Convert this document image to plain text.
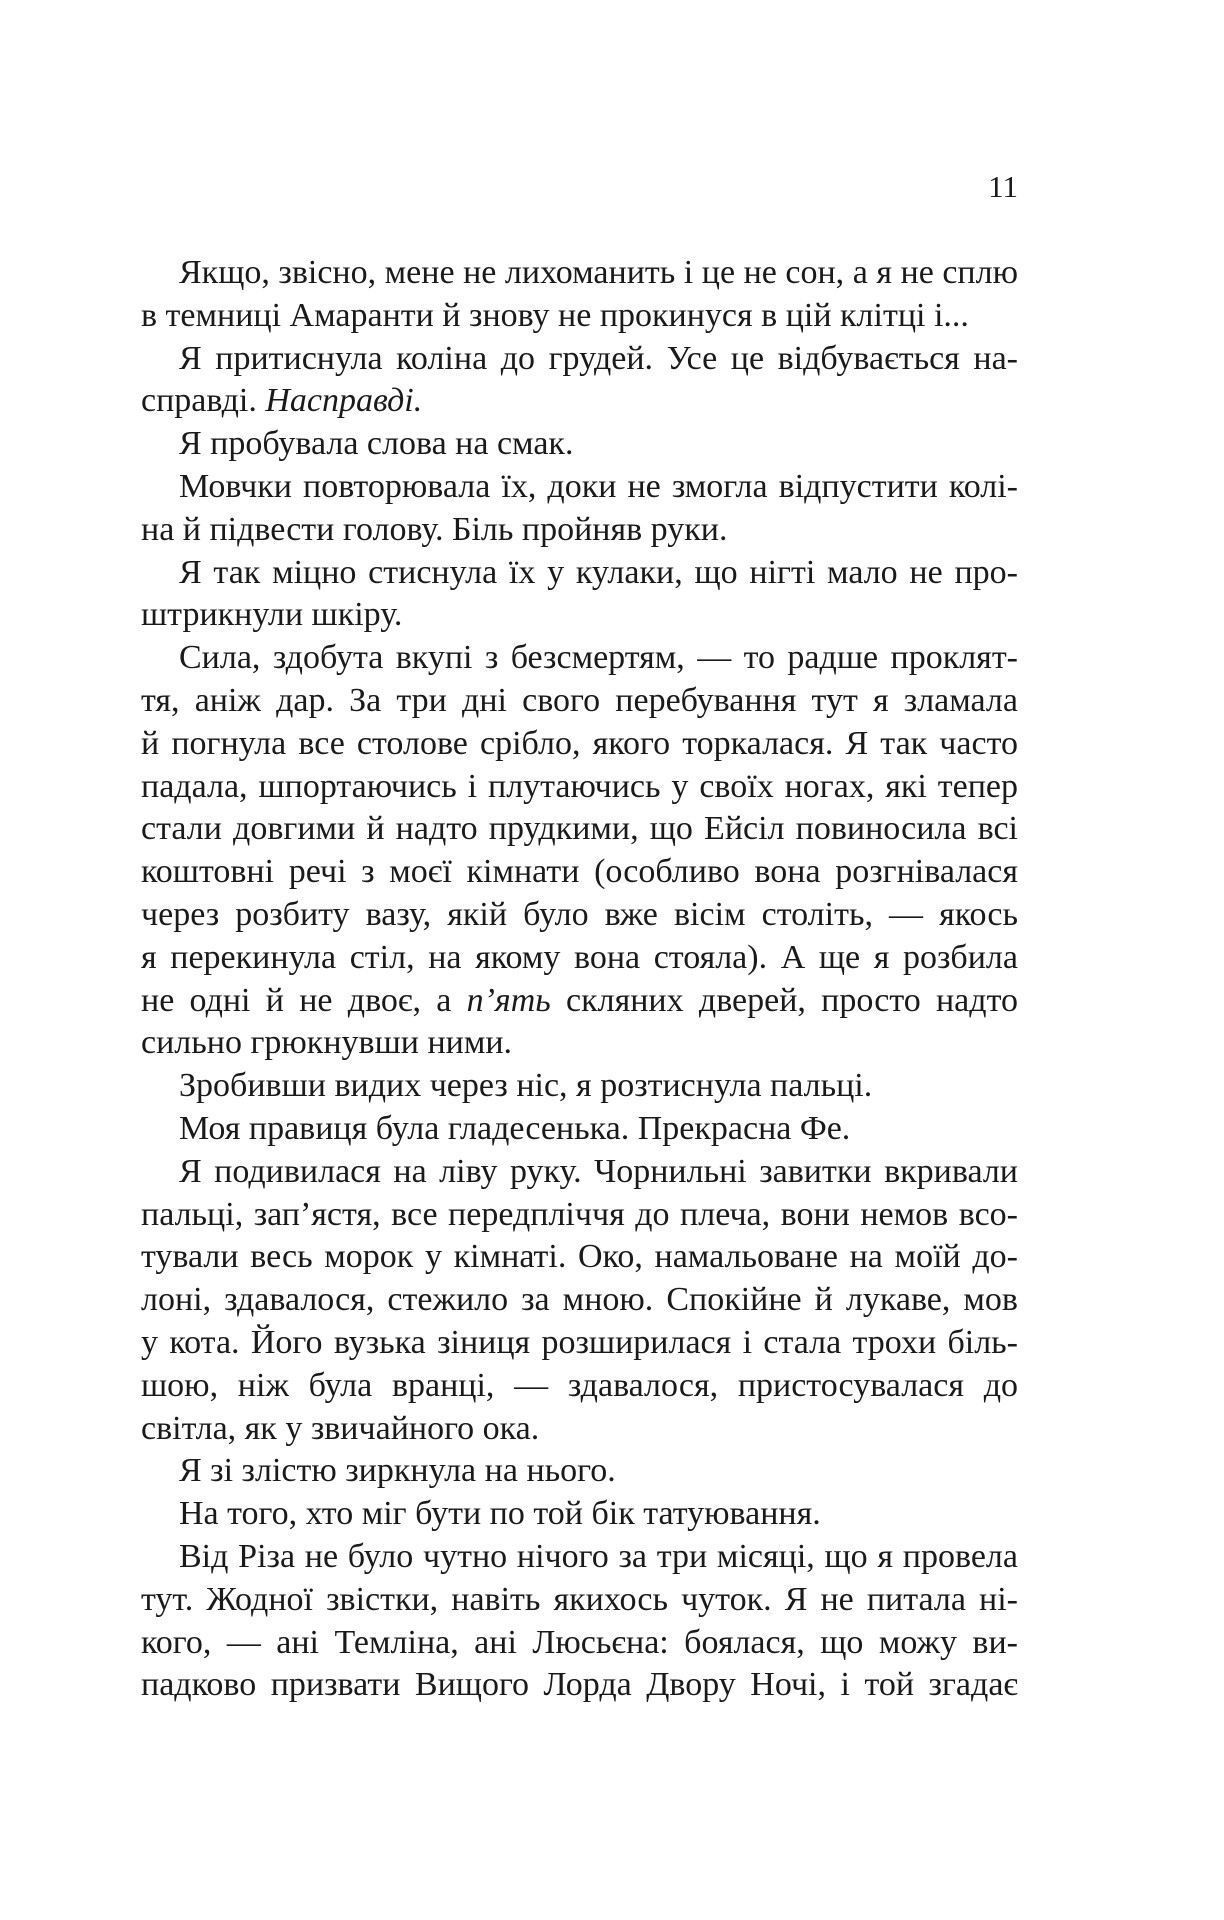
11
Якщо, звісно, мене не лихоманить і це не сон, а я не сплю
в темниці Амаранти й знову не прокинуся в цій клітці і...
Я притиснула коліна до грудей. Усе це відбувається на-
справді. Насправді.
Я пробувала слова на смак.
Мовчки повторювала їх, доки не змогла відпустити колі-
на й підвести голову. Біль пройняв руки.
Я так міцно стиснула їх у кулаки, що нігті мало не про-
штрикнули шкіру.
Сила, здобута вкупі з безсмертям, — то радше проклят-
тя, аніж дар. За три дні свого перебування тут я зламала
й погнула все столове срібло, якого торкалася. Я так часто
падала, шпортаючись і плутаючись у своїх ногах, які тепер
стали довгими й надто прудкими, що Ейсіл повиносила всі
коштовні речі з моєї кімнати (особливо вона розгнівалася
через розбиту вазу, якій було вже вісім століть, — якось
я перекинула стіл, на якому вона стояла). А ще я розбила
не одні й не двоє, а п’ять скляних дверей, просто надто
сильно грюкнувши ними.
Зробивши видих через ніс, я розтиснула пальці.
Моя правиця була гладесенька. Прекрасна Фе.
Я подивилася на ліву руку. Чорнильні завитки вкривали
пальці, зап’ястя, все передпліччя до плеча, вони немов всо-
тували весь морок у кімнаті. Око, намальоване на моїй до-
лоні, здавалося, стежило за мною. Спокійне й лукаве, мов
у кота. Його вузька зіниця розширилася і стала трохи біль-
шою, ніж була вранці, — здавалося, пристосувалася до
світла, як у звичайного ока.
Я зі злістю зиркнула на нього.
На того, хто міг бути по той бік татуювання.
Від Різа не було чутно нічого за три місяці, що я провела
тут. Жодної звістки, навіть якихось чуток. Я не питала ні-
кого, — ані Темліна, ані Люсьєна: боялася, що можу ви-
падково призвати Вищого Лорда Двору Ночі, і той згадає
